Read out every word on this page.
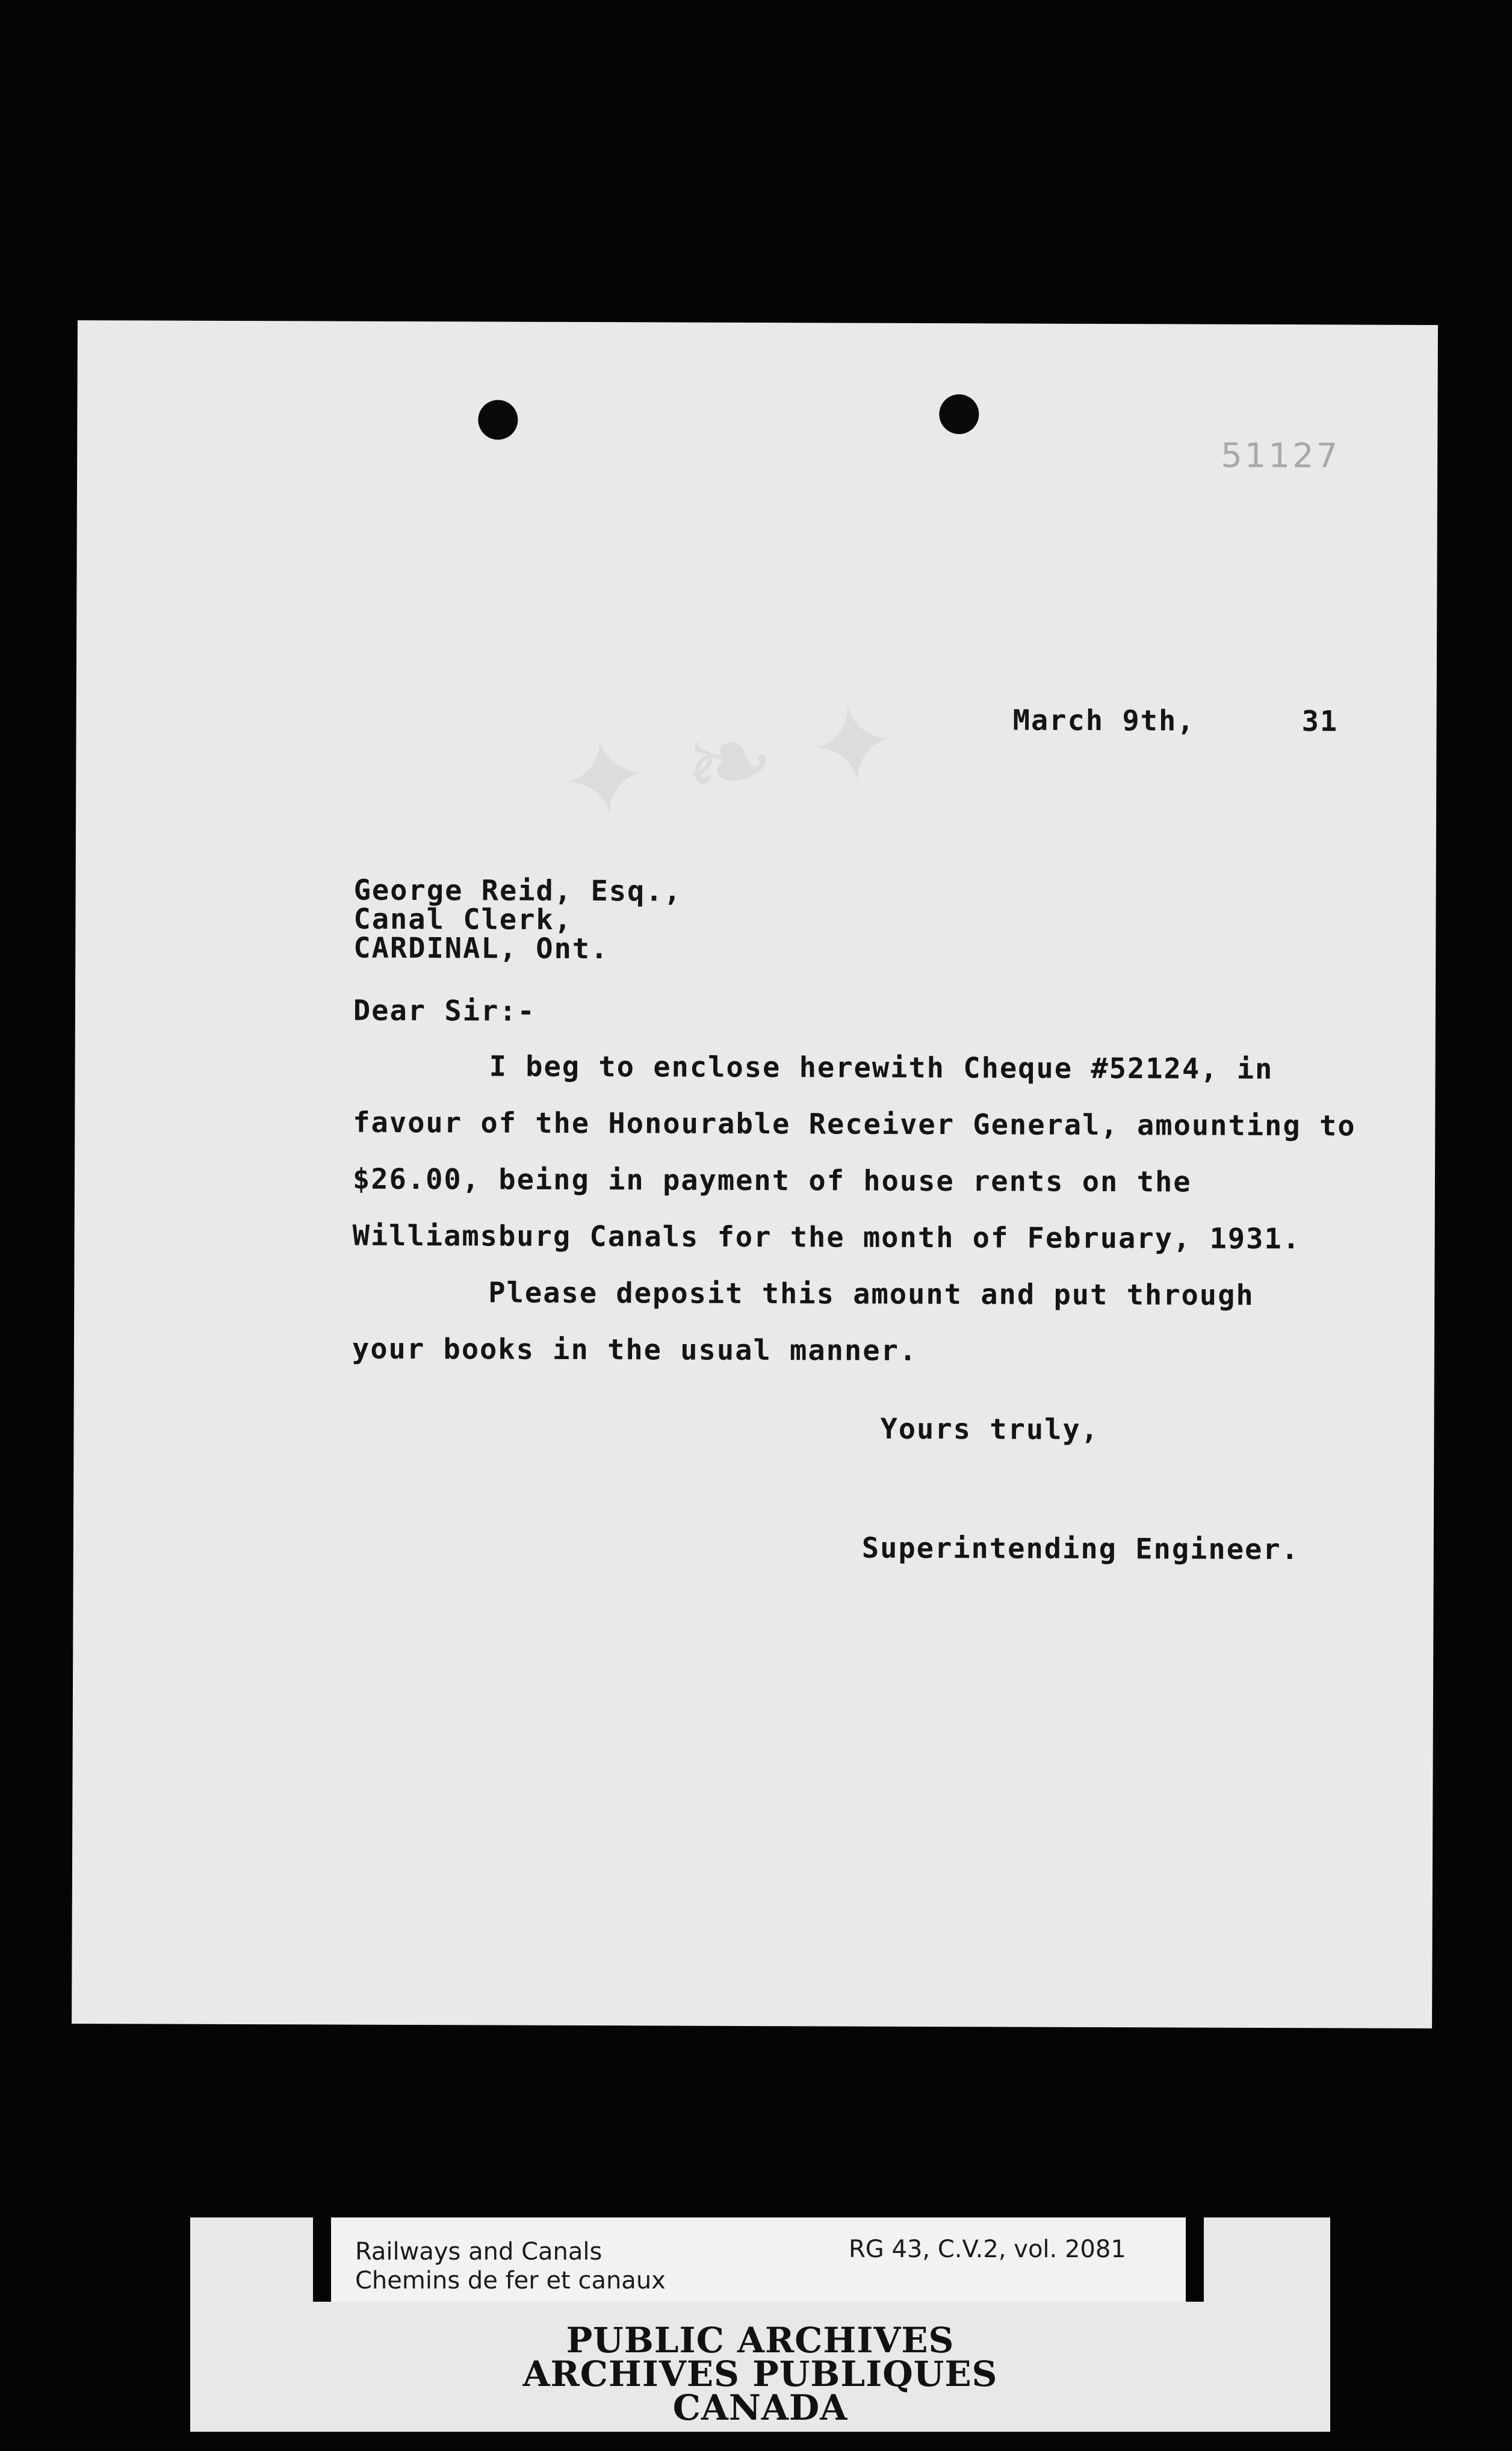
51127
✦ ❧ ✦	March 9th,	31
George Reid, Esq.,
Canal Clerk,
CARDINAL, Ont.
Dear Sir:-
I beg to enclose herewith Cheque #52124, in
favour of the Honourable Receiver General, amounting to
$26.00, being in payment of house rents on the
Williamsburg Canals for the month of February, 1931.
Please deposit this amount and put through
your books in the usual manner.
Yours truly,
Superintending Engineer.
Railways and Canals
Chemins de fer et canaux
RG 43, C.V.2, vol. 2081
PUBLIC ARCHIVES
ARCHIVES PUBLIQUES
CANADA
